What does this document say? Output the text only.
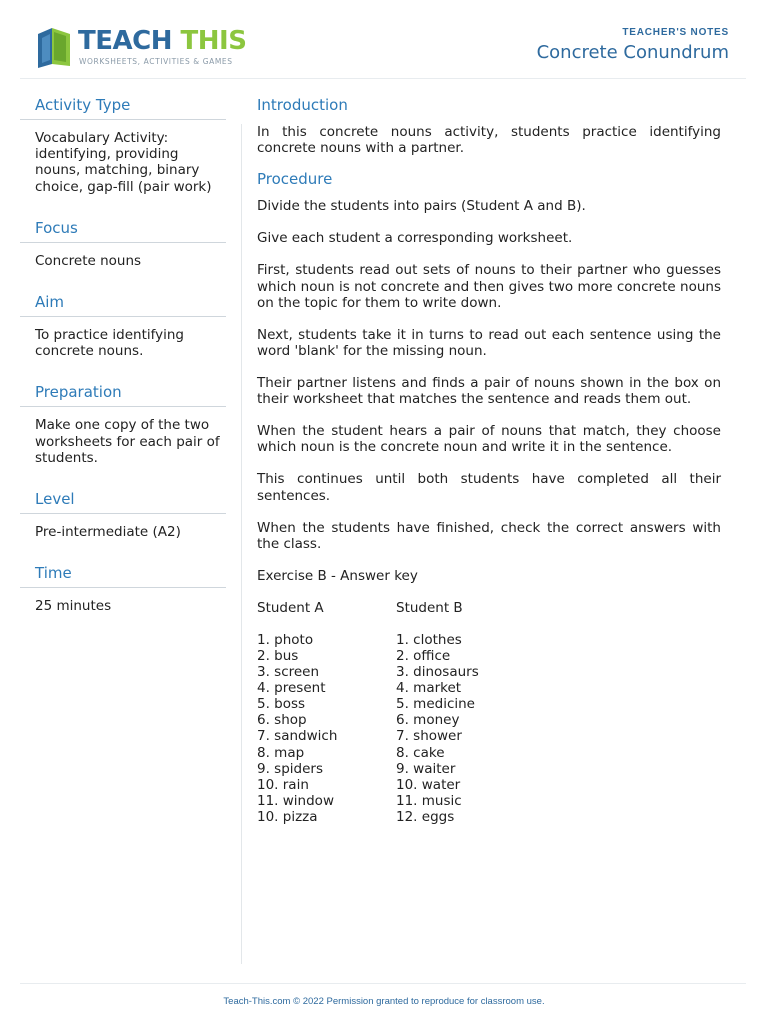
TEACH THIS
WORKSHEETS, ACTIVITIES & GAMES
TEACHER'S NOTES
Concrete Conundrum
Activity Type
Vocabulary Activity: identifying, providing nouns, matching, binary choice, gap-fill (pair work)
Focus
Concrete nouns
Aim
To practice identifying concrete nouns.
Preparation
Make one copy of the two worksheets for each pair of students.
Level
Pre-intermediate (A2)
Time
25 minutes
Introduction
In this concrete nouns activity, students practice identifying concrete nouns with a partner.
Procedure
Divide the students into pairs (Student A and B).
Give each student a corresponding worksheet.
First, students read out sets of nouns to their partner who guesses which noun is not concrete and then gives two more concrete nouns on the topic for them to write down.
Next, students take it in turns to read out each sentence using the word 'blank' for the missing noun.
Their partner listens and finds a pair of nouns shown in the box on their worksheet that matches the sentence and reads them out.
When the student hears a pair of nouns that match, they choose which noun is the concrete noun and write it in the sentence.
This continues until both students have completed all their sentences.
When the students have finished, check the correct answers with the class.
Exercise B - Answer key
Student A
1. photo
2. bus
3. screen
4. present
5. boss
6. shop
7. sandwich
8. map
9. spiders
10. rain
11. window
10. pizza
Student B
1. clothes
2. office
3. dinosaurs
4. market
5. medicine
6. money
7. shower
8. cake
9. waiter
10. water
11. music
12. eggs
Teach-This.com © 2022 Permission granted to reproduce for classroom use.
